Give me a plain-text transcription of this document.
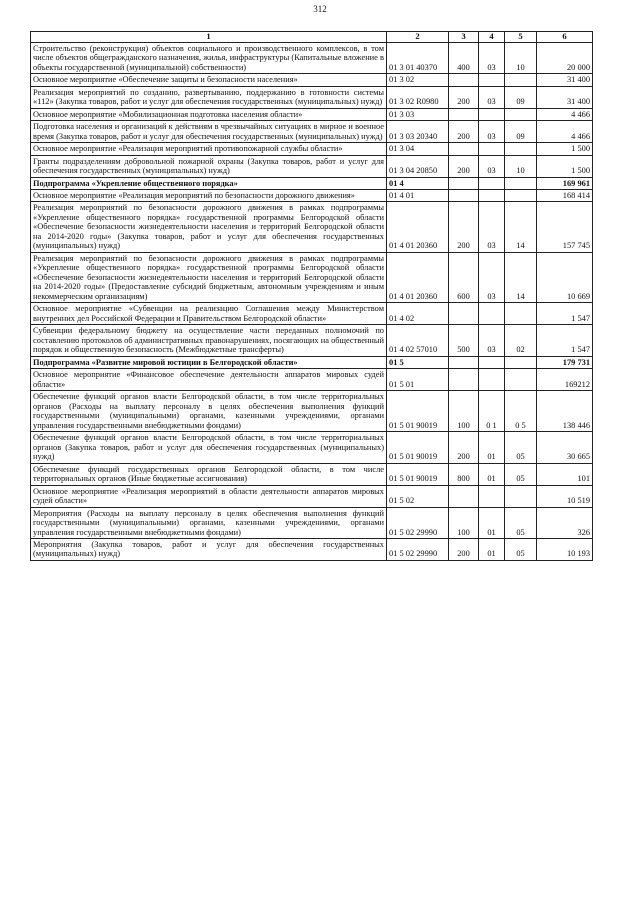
312
1	2	3	4	5	6
Строительство (реконструкция) объектов социального и производственного комплексов, в том числе объектов общегражданского назначения, жилья, инфраструктуры (Капитальные вложение в объекты государственной (муниципальной) собственности)	01 3 01 40370	400	03	10	20 000
Основное мероприятие «Обеспечение защиты и безопасности населения»	01 3 02				31 400
Реализация мероприятий по созданию, развертыванию, поддержанию в готовности системы «112» (Закупка товаров, работ и услуг для обеспечения государственных (муниципальных) нужд)	01 3 02 R0980	200	03	09	31 400
Основное мероприятие «Мобилизационная подготовка населения области»	01 3 03				4 466
Подготовка населения и организаций к действиям в чрезвычайных ситуациях в мирное и военное время (Закупка товаров, работ и услуг для обеспечения государственных (муниципальных) нужд)	01 3 03 20340	200	03	09	4 466
Основное мероприятие «Реализация мероприятий противопожарной службы области»	01 3 04				1 500
Гранты подразделениям добровольной пожарной охраны (Закупка товаров, работ и услуг для обеспечения государственных (муниципальных) нужд)	01 3 04 20850	200	03	10	1 500
Подпрограмма «Укрепление общественного порядка»	01 4				169 961
Основное мероприятие «Реализация мероприятий по безопасности дорожного движения»	01 4 01				168 414
Реализация мероприятий по безопасности дорожного движения в рамках подпрограммы «Укрепление общественного порядка» государственной программы Белгородской области «Обеспечение безопасности жизнедеятельности населения и территорий Белгородской области на 2014-2020 годы» (Закупка товаров, работ и услуг для обеспечения государственных (муниципальных) нужд)	01 4 01 20360	200	03	14	157 745
Реализация мероприятий по безопасности дорожного движения в рамках подпрограммы «Укрепление общественного порядка» государственной программы Белгородской области «Обеспечение безопасности жизнедеятельности населения и территорий Белгородской области на 2014-2020 годы» (Предоставление субсидий бюджетным, автономным учреждениям и иным некоммерческим организациям)	01 4 01 20360	600	03	14	10 669
Основное мероприятие «Субвенции на реализацию Соглашения между Министерством внутренних дел Российской Федерации и Правительством Белгородской области»	01 4 02				1 547
Субвенции федеральному бюджету на осуществление части переданных полномочий по составлению протоколов об административных правонарушениях, посягающих на общественный порядок и общественную безопасность (Межбюджетные трансферты)	01 4 02 57010	500	03	02	1 547
Подпрограмма «Развитие мировой юстиции в Белгородской области»	01 5				179 731
Основное мероприятие «Финансовое обеспечение деятельности аппаратов мировых судей области»	01 5 01				169212
Обеспечение функций органов власти Белгородской области, в том числе территориальных органов (Расходы на выплату персоналу в целях обеспечения выполнения функций государственными (муниципальными) органами, казенными учреждениями, органами управления государственными внебюджетными фондами)	01 5 01 90019	100	0 1	0 5	138 446
Обеспечение функций органов власти Белгородской области, в том числе территориальных органов (Закупка товаров, работ и услуг для обеспечения государственных (муниципальных) нужд)	01 5 01 90019	200	01	05	30 665
Обеспечение функций государственных органов Белгородской области, в том числе территориальных органов (Иные бюджетные ассигнования)	01 5 01 90019	800	01	05	101
Основное мероприятие «Реализация мероприятий в области деятельности аппаратов мировых судей области»	01 5 02				10 519
Мероприятия (Расходы на выплату персоналу в целях обеспечения выполнения функций государственными (муниципальными) органами, казенными учреждениями, органами управления государственными внебюджетными фондами)	01 5 02 29990	100	01	05	326
Мероприятия (Закупка товаров, работ и услуг для обеспечения государственных (муниципальных) нужд)	01 5 02 29990	200	01	05	10 193
